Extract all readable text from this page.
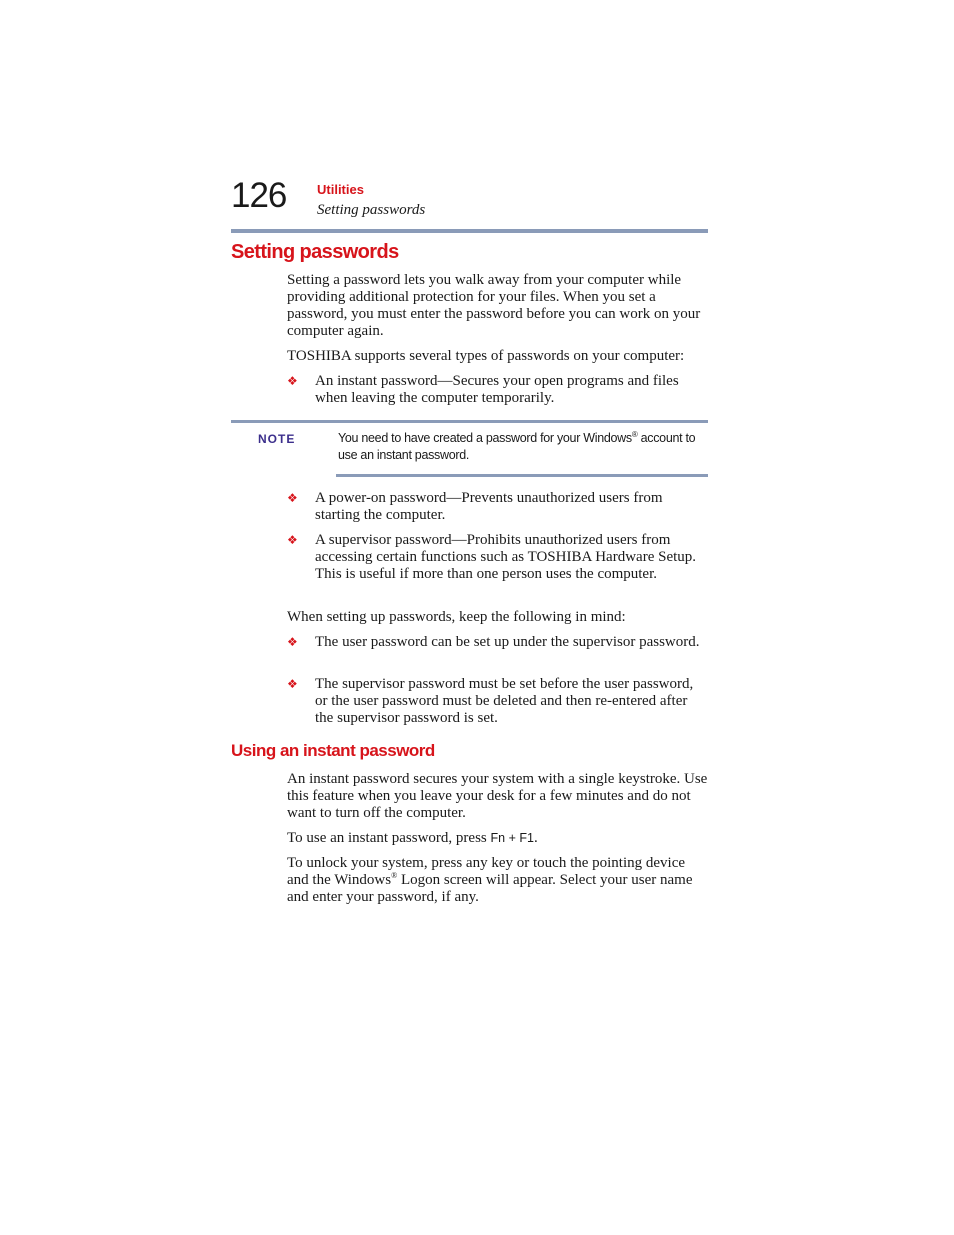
126 Utilities
Setting passwords
Setting passwords

Setting a password lets you walk away from your computer while providing additional protection for your files. When you set a password, you must enter the password before you can work on your computer again.

TOSHIBA supports several types of passwords on your computer:

❖ An instant password—Secures your open programs and files when leaving the computer temporarily.
NOTE	You need to have created a password for your Windows® account to use an instant password.
❖ A power-on password—Prevents unauthorized users from starting the computer.
❖ A supervisor password—Prohibits unauthorized users from accessing certain functions such as TOSHIBA Hardware Setup. This is useful if more than one person uses the computer.

When setting up passwords, keep the following in mind:

❖ The user password can be set up under the supervisor password.
❖ The supervisor password must be set before the user password, or the user password must be deleted and then re-entered after the supervisor password is set.
Using an instant password

An instant password secures your system with a single keystroke. Use this feature when you leave your desk for a few minutes and do not want to turn off the computer.

To use an instant password, press Fn + F1.

To unlock your system, press any key or touch the pointing device and the Windows® Logon screen will appear. Select your user name and enter your password, if any.
